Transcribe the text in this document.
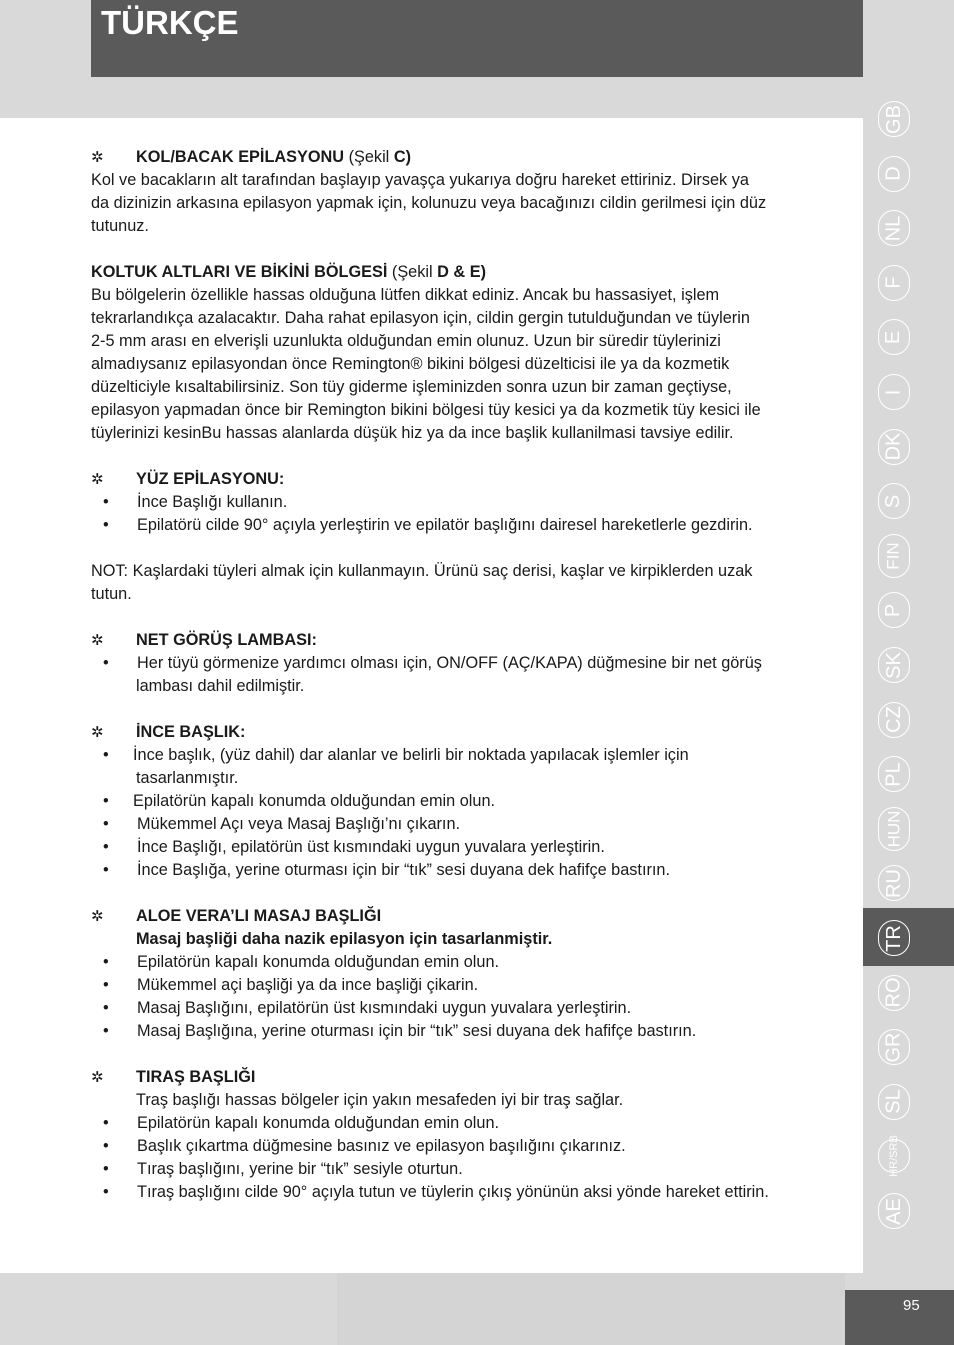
TÜRKÇE
✲ KOL/BACAK EPİLASYONU (Şekil C)
Kol ve bacakların alt tarafından başlayıp yavaşça yukarıya doğru hareket ettiriniz. Dirsek ya
da dizinizin arkasına epilasyon yapmak için, kolunuzu veya bacağınızı cildin gerilmesi için düz
tutunuz.
KOLTUK ALTLARI VE BİKİNİ BÖLGESİ (Şekil D & E)
Bu bölgelerin özellikle hassas olduğuna lütfen dikkat ediniz. Ancak bu hassasiyet, işlem
tekrarlandıkça azalacaktır. Daha rahat epilasyon için, cildin gergin tutulduğundan ve tüylerin
2-5 mm arası en elverişli uzunlukta olduğundan emin olunuz. Uzun bir süredir tüylerinizi
almadıysanız epilasyondan önce Remington® bikini bölgesi düzelticisi ile ya da kozmetik
düzelticiyle kısaltabilirsiniz. Son tüy giderme işleminizden sonra uzun bir zaman geçtiyse,
epilasyon yapmadan önce bir Remington bikini bölgesi tüy kesici ya da kozmetik tüy kesici ile
tüylerinizi kesinBu hassas alanlarda düşük hiz ya da ince başlik kullanilmasi tavsiye edilir.
✲ YÜZ EPİLASYONU:
• İnce Başlığı kullanın.
• Epilatörü cilde 90° açıyla yerleştirin ve epilatör başlığını dairesel hareketlerle gezdirin.
NOT: Kaşlardaki tüyleri almak için kullanmayın. Ürünü saç derisi, kaşlar ve kirpiklerden uzak
tutun.
✲ NET GÖRÜŞ LAMBASI:
• Her tüyü görmenize yardımcı olması için, ON/OFF (AÇ/KAPA) düğmesine bir net görüş
lambası dahil edilmiştir.
✲ İNCE BAŞLIK:
• İnce başlık, (yüz dahil) dar alanlar ve belirli bir noktada yapılacak işlemler için
tasarlanmıştır.
• Epilatörün kapalı konumda olduğundan emin olun.
• Mükemmel Açı veya Masaj Başlığı’nı çıkarın.
• İnce Başlığı, epilatörün üst kısmındaki uygun yuvalara yerleştirin.
• İnce Başlığa, yerine oturması için bir “tık” sesi duyana dek hafifçe bastırın.
✲ ALOE VERA’LI MASAJ BAŞLIĞI
Masaj başliği daha nazik epilasyon için tasarlanmiştir.
• Epilatörün kapalı konumda olduğundan emin olun.
• Mükemmel açi başliği ya da ince başliği çikarin.
• Masaj Başlığını, epilatörün üst kısmındaki uygun yuvalara yerleştirin.
• Masaj Başlığına, yerine oturması için bir “tık” sesi duyana dek hafifçe bastırın.
✲ TIRAŞ BAŞLIĞI
Traş başlığı hassas bölgeler için yakın mesafeden iyi bir traş sağlar.
• Epilatörün kapalı konumda olduğundan emin olun.
• Başlık çıkartma düğmesine basınız ve epilasyon başılığını çıkarınız.
• Tıraş başlığını, yerine bir “tık” sesiyle oturtun.
• Tıraş başlığını cilde 90° açıyla tutun ve tüylerin çıkış yönünün aksi yönde hareket ettirin.
GB
D
NL
F
E
I
DK
S
FIN
P
SK
CZ
PL
HUN
RU
TR
RO
GR
SL
HR/SRB
AE
95
